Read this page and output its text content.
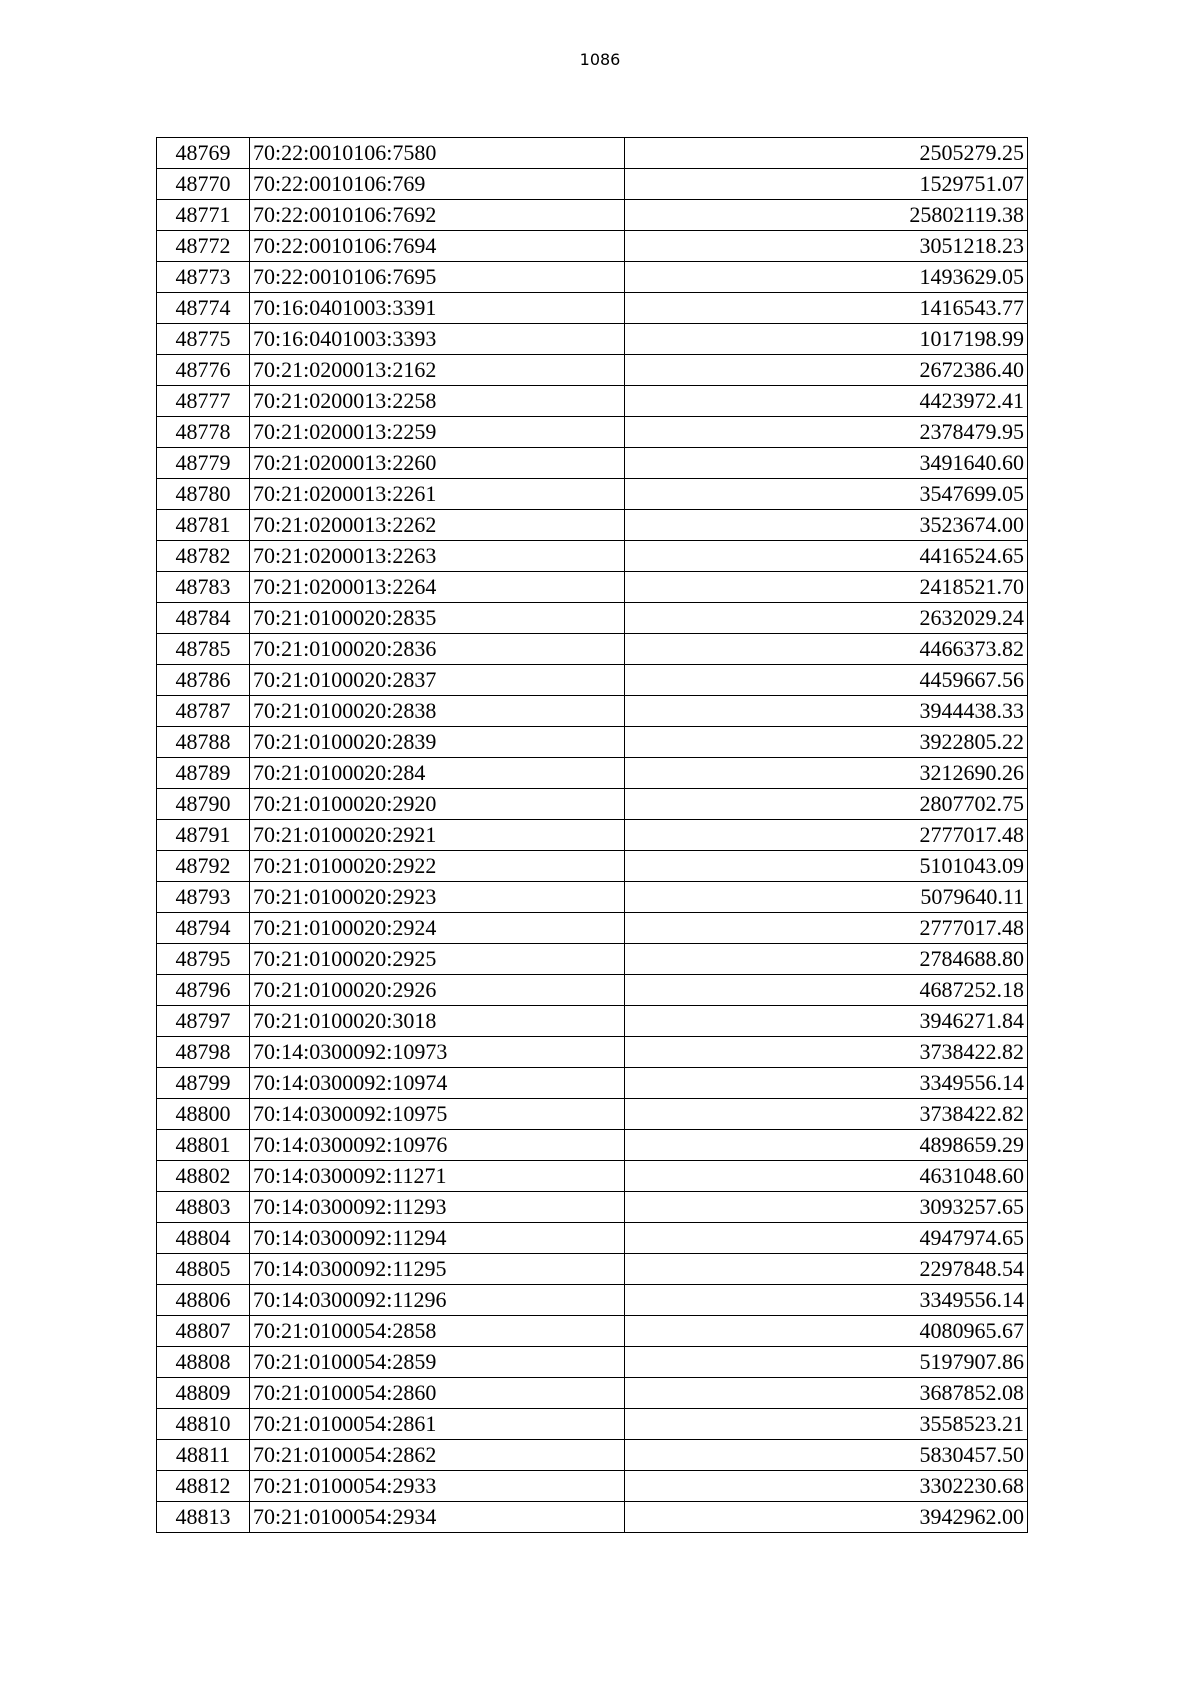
1086
48769	70:22:0010106:7580	2505279.25
48770	70:22:0010106:769	1529751.07
48771	70:22:0010106:7692	25802119.38
48772	70:22:0010106:7694	3051218.23
48773	70:22:0010106:7695	1493629.05
48774	70:16:0401003:3391	1416543.77
48775	70:16:0401003:3393	1017198.99
48776	70:21:0200013:2162	2672386.40
48777	70:21:0200013:2258	4423972.41
48778	70:21:0200013:2259	2378479.95
48779	70:21:0200013:2260	3491640.60
48780	70:21:0200013:2261	3547699.05
48781	70:21:0200013:2262	3523674.00
48782	70:21:0200013:2263	4416524.65
48783	70:21:0200013:2264	2418521.70
48784	70:21:0100020:2835	2632029.24
48785	70:21:0100020:2836	4466373.82
48786	70:21:0100020:2837	4459667.56
48787	70:21:0100020:2838	3944438.33
48788	70:21:0100020:2839	3922805.22
48789	70:21:0100020:284	3212690.26
48790	70:21:0100020:2920	2807702.75
48791	70:21:0100020:2921	2777017.48
48792	70:21:0100020:2922	5101043.09
48793	70:21:0100020:2923	5079640.11
48794	70:21:0100020:2924	2777017.48
48795	70:21:0100020:2925	2784688.80
48796	70:21:0100020:2926	4687252.18
48797	70:21:0100020:3018	3946271.84
48798	70:14:0300092:10973	3738422.82
48799	70:14:0300092:10974	3349556.14
48800	70:14:0300092:10975	3738422.82
48801	70:14:0300092:10976	4898659.29
48802	70:14:0300092:11271	4631048.60
48803	70:14:0300092:11293	3093257.65
48804	70:14:0300092:11294	4947974.65
48805	70:14:0300092:11295	2297848.54
48806	70:14:0300092:11296	3349556.14
48807	70:21:0100054:2858	4080965.67
48808	70:21:0100054:2859	5197907.86
48809	70:21:0100054:2860	3687852.08
48810	70:21:0100054:2861	3558523.21
48811	70:21:0100054:2862	5830457.50
48812	70:21:0100054:2933	3302230.68
48813	70:21:0100054:2934	3942962.00
